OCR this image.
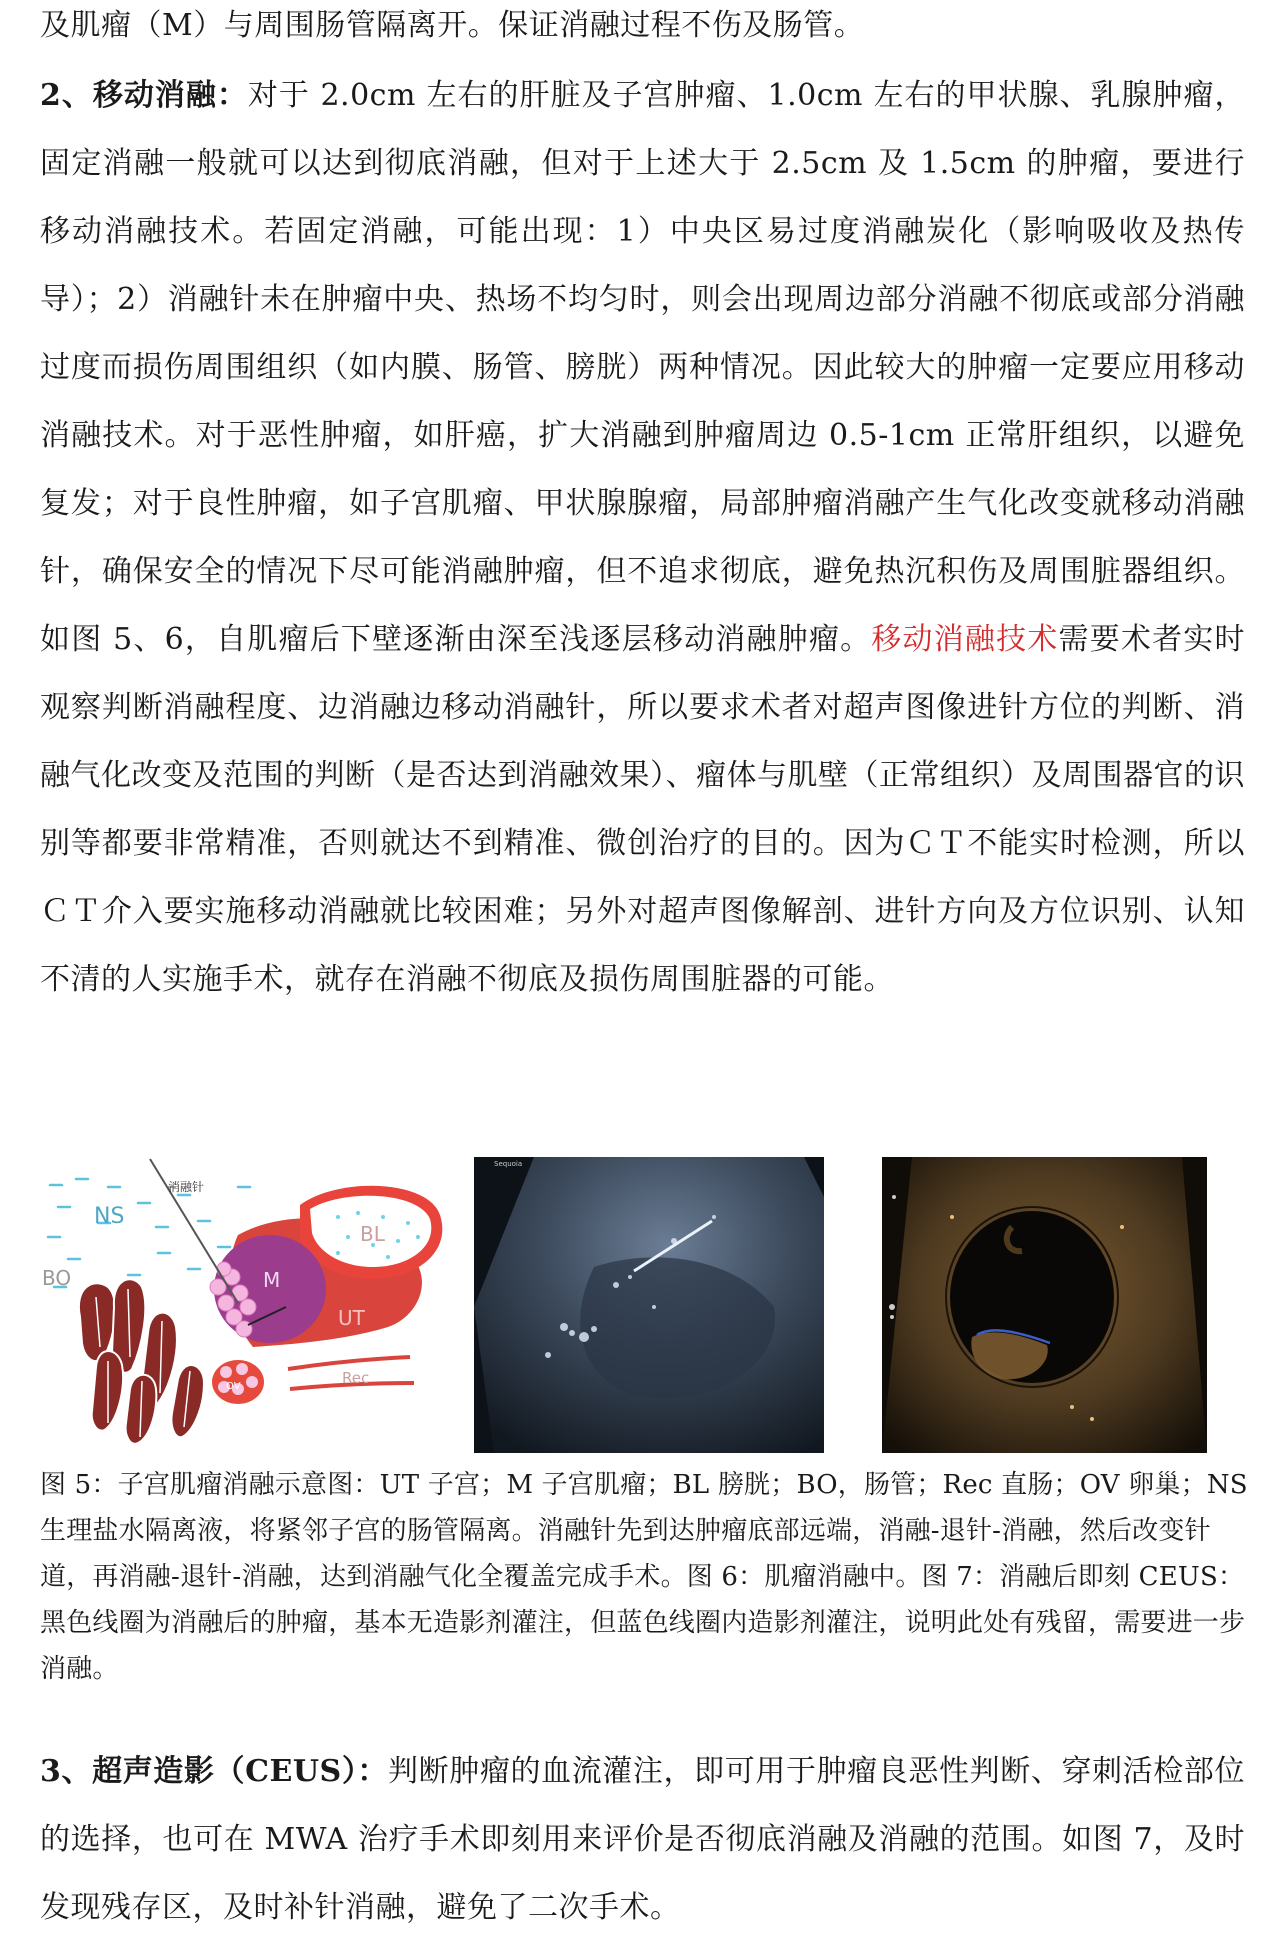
及肌瘤（M）与周围肠管隔离开。保证消融过程不伤及肠管。

2、移动消融：对于 2.0cm 左右的肝脏及子宫肿瘤、1.0cm 左右的甲状腺、乳腺肿瘤，固定消融一般就可以达到彻底消融，但对于上述大于 2.5cm 及 1.5cm 的肿瘤，要进行移动消融技术。若固定消融，可能出现：1）中央区易过度消融炭化（影响吸收及热传导）；2）消融针未在肿瘤中央、热场不均匀时，则会出现周边部分消融不彻底或部分消融过度而损伤周围组织（如内膜、肠管、膀胱）两种情况。因此较大的肿瘤一定要应用移动消融技术。对于恶性肿瘤，如肝癌，扩大消融到肿瘤周边 0.5-1cm 正常肝组织，以避免复发；对于良性肿瘤，如子宫肌瘤、甲状腺腺瘤，局部肿瘤消融产生气化改变就移动消融针，确保安全的情况下尽可能消融肿瘤，但不追求彻底，避免热沉积伤及周围脏器组织。如图 5、6，自肌瘤后下壁逐渐由深至浅逐层移动消融肿瘤。移动消融技术需要术者实时观察判断消融程度、边消融边移动消融针，所以要求术者对超声图像进针方位的判断、消融气化改变及范围的判断（是否达到消融效果）、瘤体与肌壁（正常组织）及周围器官的识别等都要非常精准，否则就达不到精准、微创治疗的目的。因为ＣＴ不能实时检测，所以ＣＴ介入要实施移动消融就比较困难；另外对超声图像解剖、进针方向及方位识别、认知不清的人实施手术，就存在消融不彻底及损伤周围脏器的可能。

消融针
NS
BO	M
UT
BL
Rec
OV
Sequoia

图 5：子宫肌瘤消融示意图：UT 子宫；M 子宫肌瘤；BL 膀胱；BO，肠管；Rec 直肠；OV 卵巢；NS 生理盐水隔离液，将紧邻子宫的肠管隔离。消融针先到达肿瘤底部远端，消融-退针-消融，然后改变针道，再消融-退针-消融，达到消融气化全覆盖完成手术。图 6：肌瘤消融中。图 7：消融后即刻 CEUS：黑色线圈为消融后的肿瘤，基本无造影剂灌注，但蓝色线圈内造影剂灌注，说明此处有残留，需要进一步消融。

3、超声造影（CEUS）：判断肿瘤的血流灌注，即可用于肿瘤良恶性判断、穿刺活检部位的选择，也可在 MWA 治疗手术即刻用来评价是否彻底消融及消融的范围。如图 7，及时发现残存区，及时补针消融，避免了二次手术。
